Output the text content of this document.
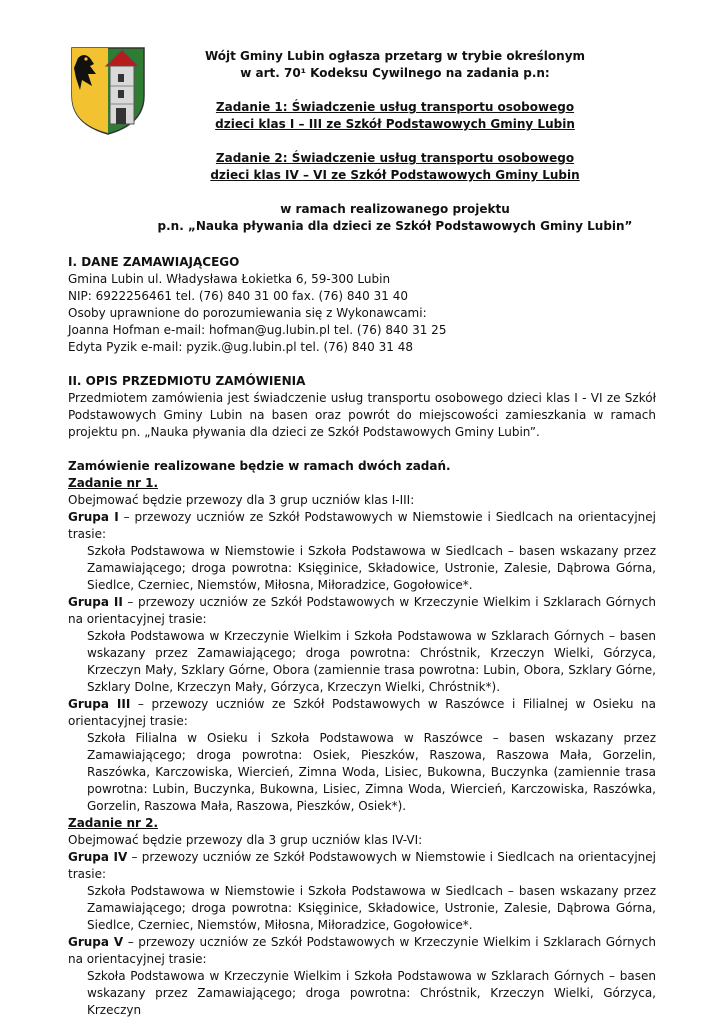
Wójt Gminy Lubin ogłasza przetarg w trybie określonym

w art. 70¹ Kodeksu Cywilnego na zadania p.n:

Zadanie 1: Świadczenie usług transportu osobowego

dzieci klas I – III ze Szkół Podstawowych Gminy Lubin

Zadanie 2: Świadczenie usług transportu osobowego

dzieci klas IV – VI ze Szkół Podstawowych Gminy Lubin

w ramach realizowanego projektu

p.n. „Nauka pływania dla dzieci ze Szkół Podstawowych Gminy Lubin”

I. DANE ZAMAWIAJĄCEGO

Gmina Lubin ul. Władysława Łokietka 6, 59-300 Lubin

NIP: 6922256461 tel. (76) 840 31 00 fax. (76) 840 31 40

Osoby uprawnione do porozumiewania się z Wykonawcami:

Joanna Hofman e-mail: hofman@ug.lubin.pl tel. (76) 840 31 25

Edyta Pyzik e-mail: pyzik.@ug.lubin.pl tel. (76) 840 31 48

II. OPIS PRZEDMIOTU ZAMÓWIENIA

Przedmiotem zamówienia jest świadczenie usług transportu osobowego dzieci klas I - VI ze Szkół Podstawowych Gminy Lubin na basen oraz powrót do miejscowości zamieszkania w ramach projektu pn. „Nauka pływania dla dzieci ze Szkół Podstawowych Gminy Lubin”.

Zamówienie realizowane będzie w ramach dwóch zadań.

Zadanie nr 1.

Obejmować będzie przewozy dla 3 grup uczniów klas I-III:

Grupa I – przewozy uczniów ze Szkół Podstawowych w Niemstowie i Siedlcach na orientacyjnej trasie:

Szkoła Podstawowa w Niemstowie i Szkoła Podstawowa w Siedlcach – basen wskazany przez Zamawiającego; droga powrotna: Księginice, Składowice, Ustronie, Zalesie, Dąbrowa Górna, Siedlce, Czerniec, Niemstów, Miłosna, Miłoradzice, Gogołowice*.

Grupa II – przewozy uczniów ze Szkół Podstawowych w Krzeczynie Wielkim i Szklarach Górnych na orientacyjnej trasie:

Szkoła Podstawowa w Krzeczynie Wielkim i Szkoła Podstawowa w Szklarach Górnych – basen wskazany przez Zamawiającego; droga powrotna: Chróstnik, Krzeczyn Wielki, Górzyca, Krzeczyn Mały, Szklary Górne, Obora (zamiennie trasa powrotna: Lubin, Obora, Szklary Górne, Szklary Dolne, Krzeczyn Mały, Górzyca, Krzeczyn Wielki, Chróstnik*).

Grupa III – przewozy uczniów ze Szkół Podstawowych w Raszówce i Filialnej w Osieku na orientacyjnej trasie:

Szkoła Filialna w Osieku i Szkoła Podstawowa w Raszówce – basen wskazany przez Zamawiającego; droga powrotna: Osiek, Pieszków, Raszowa, Raszowa Mała, Gorzelin, Raszówka, Karczowiska, Wiercień, Zimna Woda, Lisiec, Bukowna, Buczynka (zamiennie trasa powrotna: Lubin, Buczynka, Bukowna, Lisiec, Zimna Woda, Wiercień, Karczowiska, Raszówka, Gorzelin, Raszowa Mała, Raszowa, Pieszków, Osiek*).

Zadanie nr 2.

Obejmować będzie przewozy dla 3 grup uczniów klas IV-VI:

Grupa IV – przewozy uczniów ze Szkół Podstawowych w Niemstowie i Siedlcach na orientacyjnej trasie:

Szkoła Podstawowa w Niemstowie i Szkoła Podstawowa w Siedlcach – basen wskazany przez Zamawiającego; droga powrotna: Księginice, Składowice, Ustronie, Zalesie, Dąbrowa Górna, Siedlce, Czerniec, Niemstów, Miłosna, Miłoradzice, Gogołowice*.

Grupa V – przewozy uczniów ze Szkół Podstawowych w Krzeczynie Wielkim i Szklarach Górnych na orientacyjnej trasie:

Szkoła Podstawowa w Krzeczynie Wielkim i Szkoła Podstawowa w Szklarach Górnych – basen wskazany przez Zamawiającego; droga powrotna: Chróstnik, Krzeczyn Wielki, Górzyca, Krzeczyn
